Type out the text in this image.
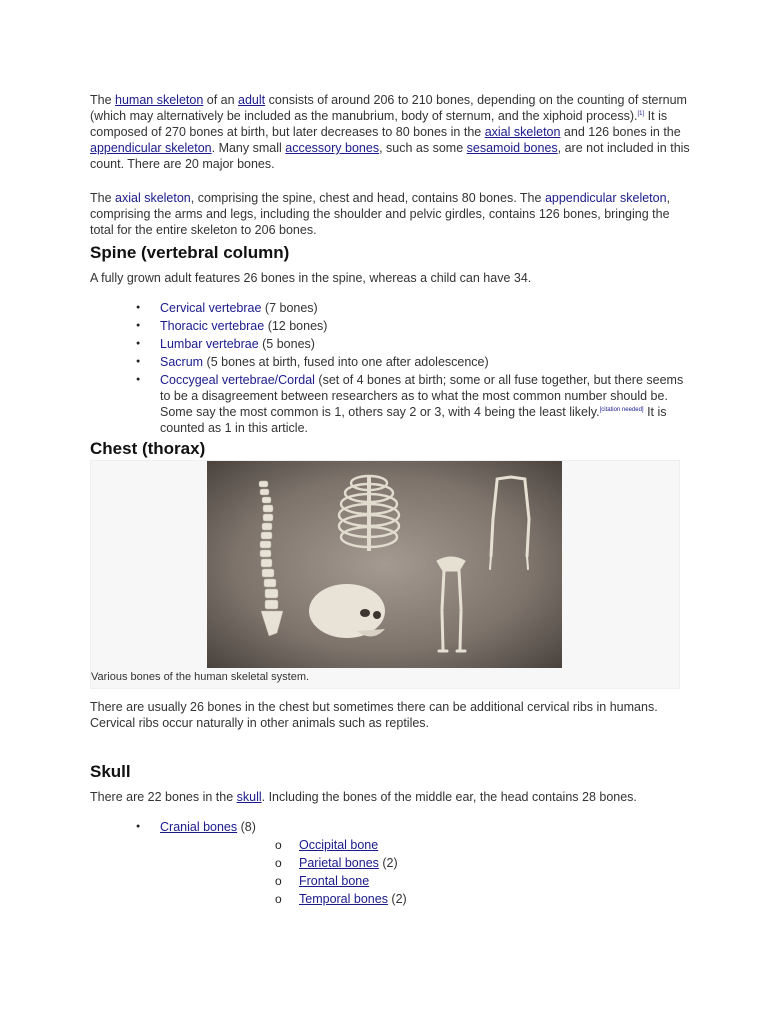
The human skeleton of an adult consists of around 206 to 210 bones, depending on the counting of sternum (which may alternatively be included as the manubrium, body of sternum, and the xiphoid process).[1] It is composed of 270 bones at birth, but later decreases to 80 bones in the axial skeleton and 126 bones in the appendicular skeleton. Many small accessory bones, such as some sesamoid bones, are not included in this count. There are 20 major bones.

The axial skeleton, comprising the spine, chest and head, contains 80 bones. The appendicular skeleton, comprising the arms and legs, including the shoulder and pelvic girdles, contains 126 bones, bringing the total for the entire skeleton to 206 bones.

Spine (vertebral column)

A fully grown adult features 26 bones in the spine, whereas a child can have 34.

● Cervical vertebrae (7 bones)
● Thoracic vertebrae (12 bones)
● Lumbar vertebrae (5 bones)
● Sacrum (5 bones at birth, fused into one after adolescence)
● Coccygeal vertebrae/Cordal (set of 4 bones at birth; some or all fuse together, but there seems to be a disagreement between researchers as to what the most common number should be. Some say the most common is 1, others say 2 or 3, with 4 being the least likely.[citation needed] It is counted as 1 in this article.
Chest (thorax)
Various bones of the human skeletal system.

There are usually 26 bones in the chest but sometimes there can be additional cervical ribs in humans. Cervical ribs occur naturally in other animals such as reptiles.

Skull

There are 22 bones in the skull. Including the bones of the middle ear, the head contains 28 bones.

● Cranial bones (8)
o Occipital bone
o Parietal bones (2)
o Frontal bone
o Temporal bones (2)
